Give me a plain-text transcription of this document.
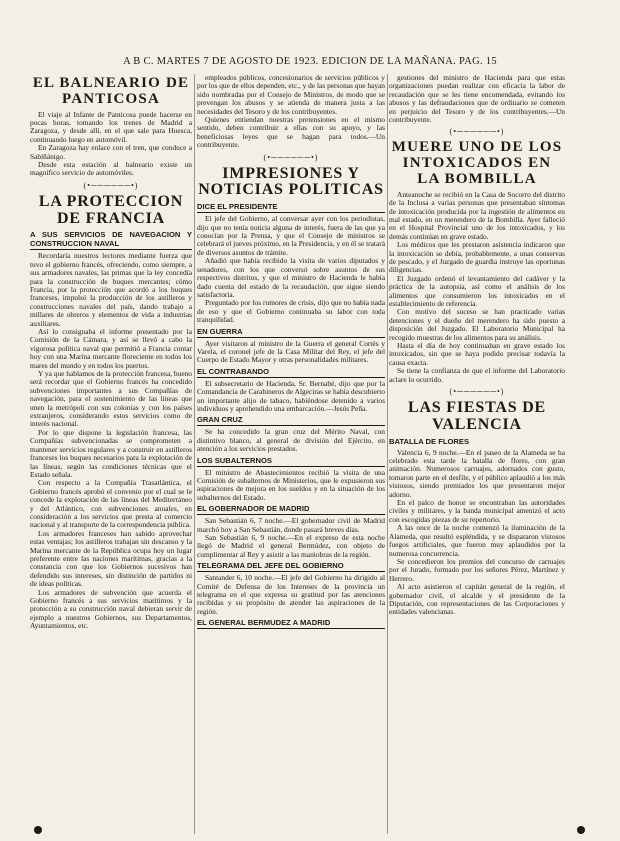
A B C. MARTES 7 DE AGOSTO DE 1923. EDICION DE LA MAÑANA. PAG. 15
EL BALNEARIO DE PANTICOSA

El viaje al Infante de Panticosa puede hacerse en pocas horas, tomando los trenes de Madrid a Zaragoza, y desde allí, en el que sale para Huesca, continuando luego en automóvil.

En Zaragoza hay enlace con el tren, que conduce a Sabiñánigo.

Desde esta estación al balneario existe un magnífico servicio de automóviles.

(•──────•)
LA PROTECCION DE FRANCIA
A SUS SERVICIOS DE NAVEGACION Y CONSTRUCCION NAVAL

Recordaría nuestros lectores mediante fuerza que tuvo el gobierno francés, ofreciendo, como siempre, a sus armadores navales, las primas que la ley concedía para la construcción de buques mercantes; cómo Francia, por la protección que acordó a los buques franceses, impulsó la producción de los astilleros y construcciones navales del país, dando trabajo a millares de obreros y elementos de vida a industrias auxiliares.

Así lo consignaba el informe presentado por la Comisión de la Cámara, y así se llevó a cabo la vigorosa política naval que permitió a Francia contar hoy con una Marina mercante floreciente en todos los mares del mundo y en todos los puertos.

Y ya que hablamos de la protección francesa, bueno será recordar que el Gobierno francés ha concedido subvenciones importantes a sus Compañías de navegación, para el sostenimiento de las líneas que unen la metrópoli con sus colonias y con los países extranjeros, considerando estos servicios como de interés nacional.

Por lo que dispone la legislación francesa, las Compañías subvencionadas se comprometen a mantener servicios regulares y a construir en astilleros franceses los buques necesarios para la explotación de las líneas, según las condiciones técnicas que el Estado señala.

Con respecto a la Compañía Trasatlántica, el Gobierno francés aprobó el convenio por el cual se le concede la explotación de las líneas del Mediterráneo y del Atlántico, con subvenciones anuales, en consideración a los servicios que presta al comercio nacional y al transporte de la correspondencia pública.

Los armadores franceses han sabido aprovechar estas ventajas; los astilleros trabajan sin descanso y la Marina mercante de la República ocupa hoy un lugar preferente entre las naciones marítimas, gracias a la constancia con que los Gobiernos sucesivos han defendido sus intereses, sin distinción de partidos ni de ideas políticas.

Los armadores de subvención que acuerda el Gobierno francés a sus servicios marítimos y la protección a su construcción naval debieran servir de ejemplo a nuestros Gobiernos, sus Departamentos, Ayuntamientos, etc.

empleados públicos, concesionarios de servicios públicos y por los que de ellos dependen, etc., y de las personas que hayan sido nombradas por el Consejo de Ministros, de modo que se prevengan los abusos y se atienda de manera justa a las necesidades del Tesoro y de los contribuyentes.

Quienes entiendan nuestras pretensiones en el mismo sentido, deben contribuir a ellas con su apoyo, y las beneficiosas leyes que se hagan para todos.—Un contribuyente.

(•──────•)
IMPRESIONES Y NOTICIAS POLITICAS
DICE EL PRESIDENTE

El jefe del Gobierno, al conversar ayer con los periodistas, dijo que no tenía noticia alguna de interés, fuera de las que ya conocían por la Prensa, y que el Consejo de ministros se celebrará el jueves próximo, en la Presidencia, y en él se tratará de diversos asuntos de trámite.

Añadió que había recibido la visita de varios diputados y senadores, con los que conversó sobre asuntos de sus respectivos distritos, y que el ministro de Hacienda le había dado cuenta del estado de la recaudación, que sigue siendo satisfactoria.

Preguntado por los rumores de crisis, dijo que no había nada de eso y que el Gobierno continuaba su labor con toda tranquilidad.

EN GUERRA

Ayer visitaron al ministro de la Guerra el general Cortés y Varela, el coronel jefe de la Casa Militar del Rey, el jefe del Cuerpo de Estado Mayor y otras personalidades militares.

EL CONTRABANDO

El subsecretario de Hacienda, Sr. Bernabé, dijo que por la Comandancia de Carabineros de Algeciras se había descubierto un importante alijo de tabaco, habiéndose detenido a varios individuos y aprehendido una embarcación.—Jesús Peña.

GRAN CRUZ

Se ha concedido la gran cruz del Mérito Naval, con distintivo blanco, al general de división del Ejército, en atención a los servicios prestados.

LOS SUBALTERNOS

El ministro de Abastecimientos recibió la visita de una Comisión de subalternos de Ministerios, que le expusieron sus aspiraciones de mejora en los sueldos y en la situación de los subalternos del Estado.

EL GOBERNADOR DE MADRID

San Sebastián 6, 7 noche.—El gobernador civil de Madrid marchó hoy a San Sebastián, donde pasará breves días.

San Sebastián 6, 9 noche.—En el expreso de esta noche llegó de Madrid el general Bermúdez, con objeto de cumplimentar al Rey y asistir a las maniobras de la región.

TELEGRAMA DEL JEFE DEL GOBIERNO

Santander 6, 10 noche.—El jefe del Gobierno ha dirigido al Comité de Defensa de los Intereses de la provincia un telegrama en el que expresa su gratitud por las atenciones recibidas y su propósito de atender las aspiraciones de la región.

EL GENERAL BERMUDEZ A MADRID

gestiones del ministro de Hacienda para que estas organizaciones puedan realizar con eficacia la labor de recaudación que se les tiene encomendada, evitando los abusos y las defraudaciones que de ordinario se cometen en perjuicio del Tesoro y de los contribuyentes.—Un contribuyente.

(•──────•)
MUERE UNO DE LOS INTOXICADOS EN LA BOMBILLA

Anteanoche se recibió en la Casa de Socorro del distrito de la Inclusa a varias personas que presentaban síntomas de intoxicación producida por la ingestión de alimentos en mal estado, en un merendero de la Bombilla. Ayer falleció en el Hospital Provincial uno de los intoxicados, y los demás continúan en grave estado.

Los médicos que les prestaron asistencia indicaron que la intoxicación se debía, probablemente, a unas conservas de pescado, y el Juzgado de guardia instruye las oportunas diligencias.

El Juzgado ordenó el levantamiento del cadáver y la práctica de la autopsia, así como el análisis de los alimentos que consumieron los intoxicados en el establecimiento de referencia.

Con motivo del suceso se han practicado varias detenciones y el dueño del merendero ha sido puesto a disposición del Juzgado. El Laboratorio Municipal ha recogido muestras de los alimentos para su análisis.

Hasta el día de hoy continuaban en grave estado los intoxicados, sin que se haya podido precisar todavía la causa exacta.

Se tiene la confianza de que el informe del Laboratorio aclare lo ocurrido.

(•──────•)
LAS FIESTAS DE VALENCIA
BATALLA DE FLORES

Valencia 6, 9 noche.—En el paseo de la Alameda se ha celebrado esta tarde la batalla de flores, con gran animación. Numerosos carruajes, adornados con gusto, tomaron parte en el desfile, y el público aplaudió a los más vistosos, siendo premiados los que presentaron mejor adorno.

En el palco de honor se encontraban las autoridades civiles y militares, y la banda municipal amenizó el acto con escogidas piezas de su repertorio.

A las once de la noche comenzó la iluminación de la Alameda, que resultó espléndida, y se dispararon vistosos fuegos artificiales, que fueron muy aplaudidos por la numerosa concurrencia.

Se concedieron los premios del concurso de carruajes por el Jurado, formado por los señores Pérez, Martínez y Herrero.

Al acto asistieron el capitán general de la región, el gobernador civil, el alcalde y el presidente de la Diputación, con representaciones de las Corporaciones y entidades valencianas.
